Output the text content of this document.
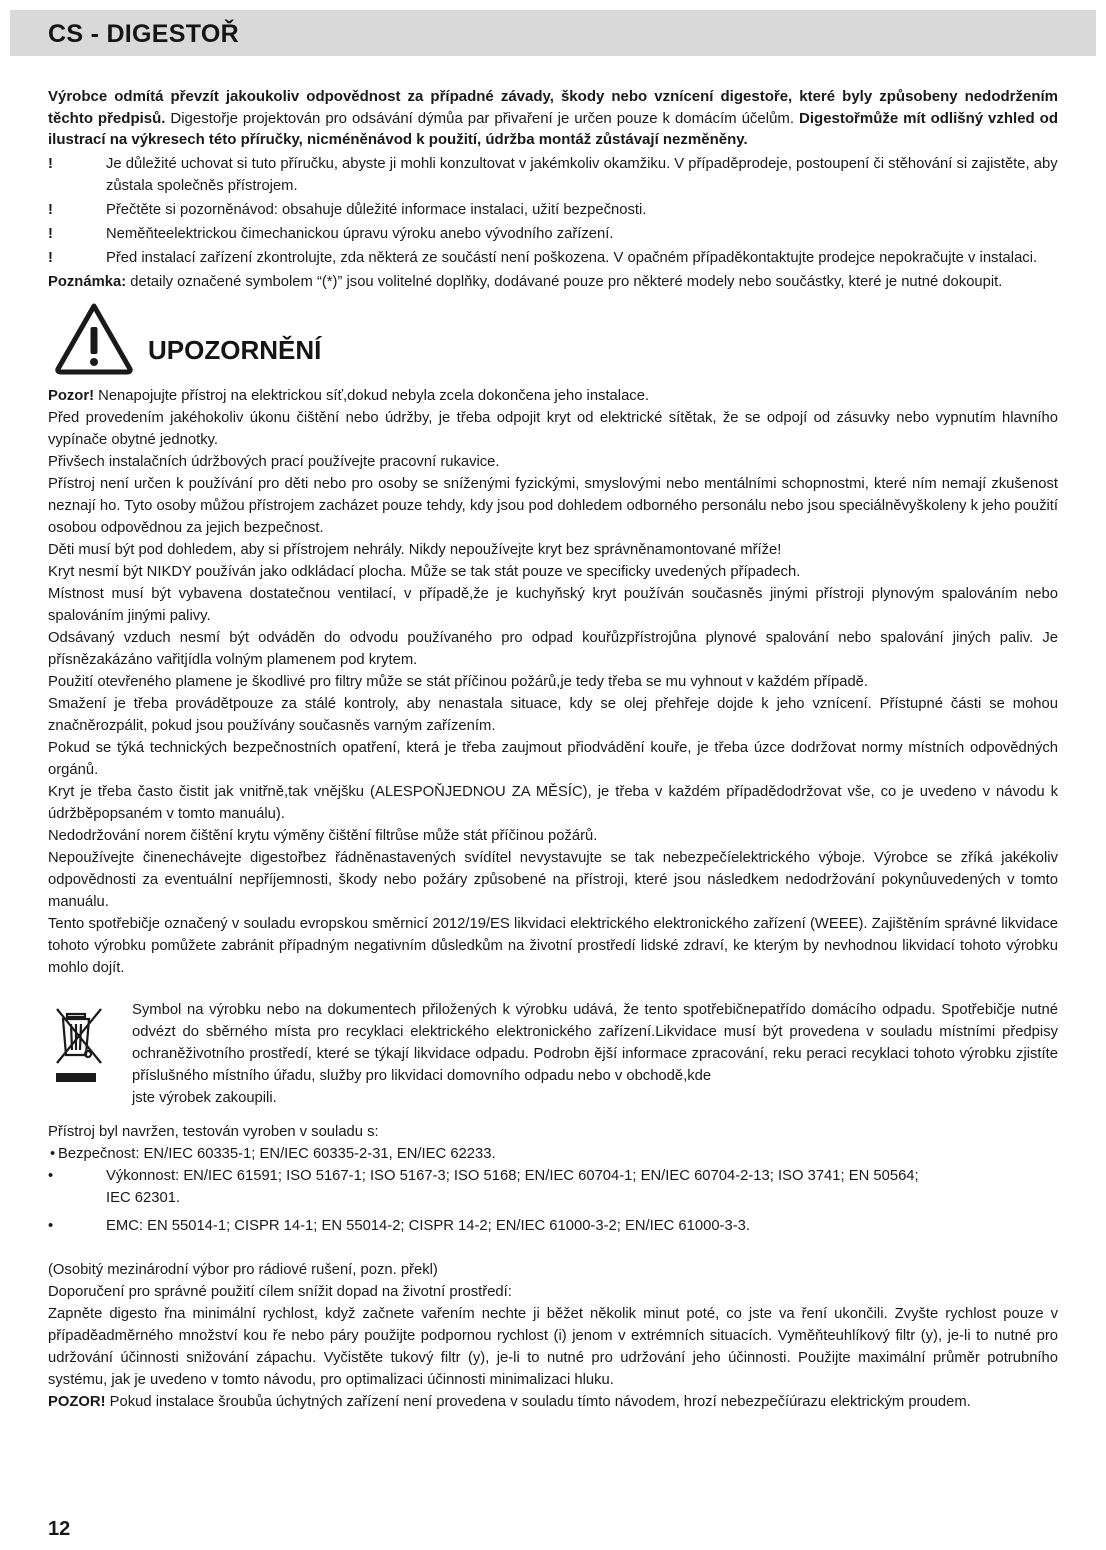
CS - DIGESTOŘ

Výrobce odmítá převzít jakoukoliv odpovědnost za případné závady, škody nebo vznícení digestoře, které byly způsobeny nedodržením těchto předpisů. Digestořje projektován pro odsávání dýmůa par přivaření je určen pouze k domácím účelům. Digestořmůže mít odlišný vzhled od ilustrací na výkresech této příručky, nicméněnávod k použití, údržba montáž zůstávají nezměněny.

!	Je důležité uchovat si tuto příručku, abyste ji mohli konzultovat v jakémkoliv okamžiku. V případěprodeje, postoupení či stěhování si zajistěte, aby zůstala společněs přístrojem.
!	Přečtěte si pozorněnávod: obsahuje důležité informace instalaci, užití bezpečnosti.
!	Neměňteelektrickou čimechanickou úpravu výroku anebo vývodního zařízení.
!	Před instalací zařízení zkontrolujte, zda některá ze součástí není poškozena. V opačném případěkontaktujte prodejce nepokračujte v instalaci.

Poznámka: detaily označené symbolem “(*)” jsou volitelné doplňky, dodávané pouze pro některé modely nebo součástky, které je nutné dokoupit.

UPOZORNĚNÍ

Pozor! Nenapojujte přístroj na elektrickou síť,dokud nebyla zcela dokončena jeho instalace.

Před provedením jakéhokoliv úkonu čištění nebo údržby, je třeba odpojit kryt od elektrické sítětak, že se odpojí od zásuvky nebo vypnutím hlavního vypínače obytné jednotky.

Přivšech instalačních údržbových prací používejte pracovní rukavice.

Přístroj není určen k používání pro děti nebo pro osoby se sníženými fyzickými, smyslovými nebo mentálními schopnostmi, které ním nemají zkušenost neznají ho. Tyto osoby můžou přístrojem zacházet pouze tehdy, kdy jsou pod dohledem odborného personálu nebo jsou speciálněvyškoleny k jeho použití osobou odpovědnou za jejich bezpečnost.

Děti musí být pod dohledem, aby si přístrojem nehrály. Nikdy nepoužívejte kryt bez správněnamontované mříže!

Kryt nesmí být NIKDY používán jako odkládací plocha. Může se tak stát pouze ve specificky uvedených případech.

Místnost musí být vybavena dostatečnou ventilací, v případě,že je kuchyňský kryt používán současněs jinými přístroji plynovým spalováním nebo spalováním jinými palivy.

Odsávaný vzduch nesmí být odváděn do odvodu používaného pro odpad kouřůzpřístrojůna plynové spalování nebo spalování jiných paliv. Je přísnězakázáno vařitjídla volným plamenem pod krytem.

Použití otevřeného plamene je škodlivé pro filtry může se stát příčinou požárů,je tedy třeba se mu vyhnout v každém případě.

Smažení je třeba provádětpouze za stálé kontroly, aby nenastala situace, kdy se olej přehřeje dojde k jeho vznícení. Přístupné části se mohou značněrozpálit, pokud jsou používány současněs varným zařízením.

Pokud se týká technických bezpečnostních opatření, která je třeba zaujmout přiodvádění kouře, je třeba úzce dodržovat normy místních odpovědných orgánů.

Kryt je třeba často čistit jak vnitřně,tak vnějšku (ALESPOŇJEDNOU ZA MĚSÍC), je třeba v každém případědodržovat vše, co je uvedeno v návodu k údržběpopsaném v tomto manuálu).

Nedodržování norem čištění krytu výměny čištění filtrůse může stát příčinou požárů.

Nepoužívejte činenechávejte digestořbez řádněnastavených svídítel nevystavujte se tak nebezpečíelektrického výboje. Výrobce se zříká jakékoliv odpovědnosti za eventuální nepříjemnosti, škody nebo požáry způsobené na přístroji, které jsou následkem nedodržování pokynůuvedených v tomto manuálu.

Tento spotřebičje označený v souladu evropskou směrnicí 2012/19/ES likvidaci elektrického elektronického zařízení (WEEE). Zajištěním správné likvidace tohoto výrobku pomůžete zabránit případným negativním důsledkům na životní prostředí lidské zdraví, ke kterým by nevhodnou likvidací tohoto výrobku mohlo dojít.

Symbol na výrobku nebo na dokumentech přiložených k výrobku udává, že tento spotřebičnepatřído domácího odpadu. Spotřebičje nutné odvézt do sběrného místa pro recyklaci elektrického elektronického zařízení.Likvidace musí být provedena v souladu místními předpisy ochraněživotního prostředí, které se týkají likvidace odpadu. Podrobn ější informace zpracování, reku peraci recyklaci tohoto výrobku zjistíte příslušného místního úřadu, služby pro likvidaci domovního odpadu nebo v obchodě,kde

jste výrobek zakoupili.

Přístroj byl navržen, testován vyroben v souladu s:

• Bezpečnost: EN/IEC 60335-1; EN/IEC 60335-2-31, EN/IEC 62233.
•	Výkonnost: EN/IEC 61591; ISO 5167-1; ISO 5167-3; ISO 5168; EN/IEC 60704-1; EN/IEC 60704-2-13; ISO 3741; EN 50564; IEC 62301.
•	EMC: EN 55014-1; CISPR 14-1; EN 55014-2; CISPR 14-2; EN/IEC 61000-3-2; EN/IEC 61000-3-3.

(Osobitý mezinárodní výbor pro rádiové rušení, pozn. překl)

Doporučení pro správné použití cílem snížit dopad na životní prostředí:

Zapněte digesto řna minimální rychlost, když začnete vařením nechte ji běžet několik minut poté, co jste va ření ukončili. Zvyšte rychlost pouze v případěadměrného množství kou ře nebo páry použijte podpornou rychlost (i) jenom v extrémních situacích. Vyměňteuhlíkový filtr (y), je-li to nutné pro udržování účinnosti snižování zápachu. Vyčistěte tukový filtr (y), je-li to nutné pro udržování jeho účinnosti. Použijte maximální průměr potrubního systému, jak je uvedeno v tomto návodu, pro optimalizaci účinnosti minimalizaci hluku.

POZOR! Pokud instalace šroubůa úchytných zařízení není provedena v souladu tímto návodem, hrozí nebezpečíúrazu elektrickým proudem.

12
